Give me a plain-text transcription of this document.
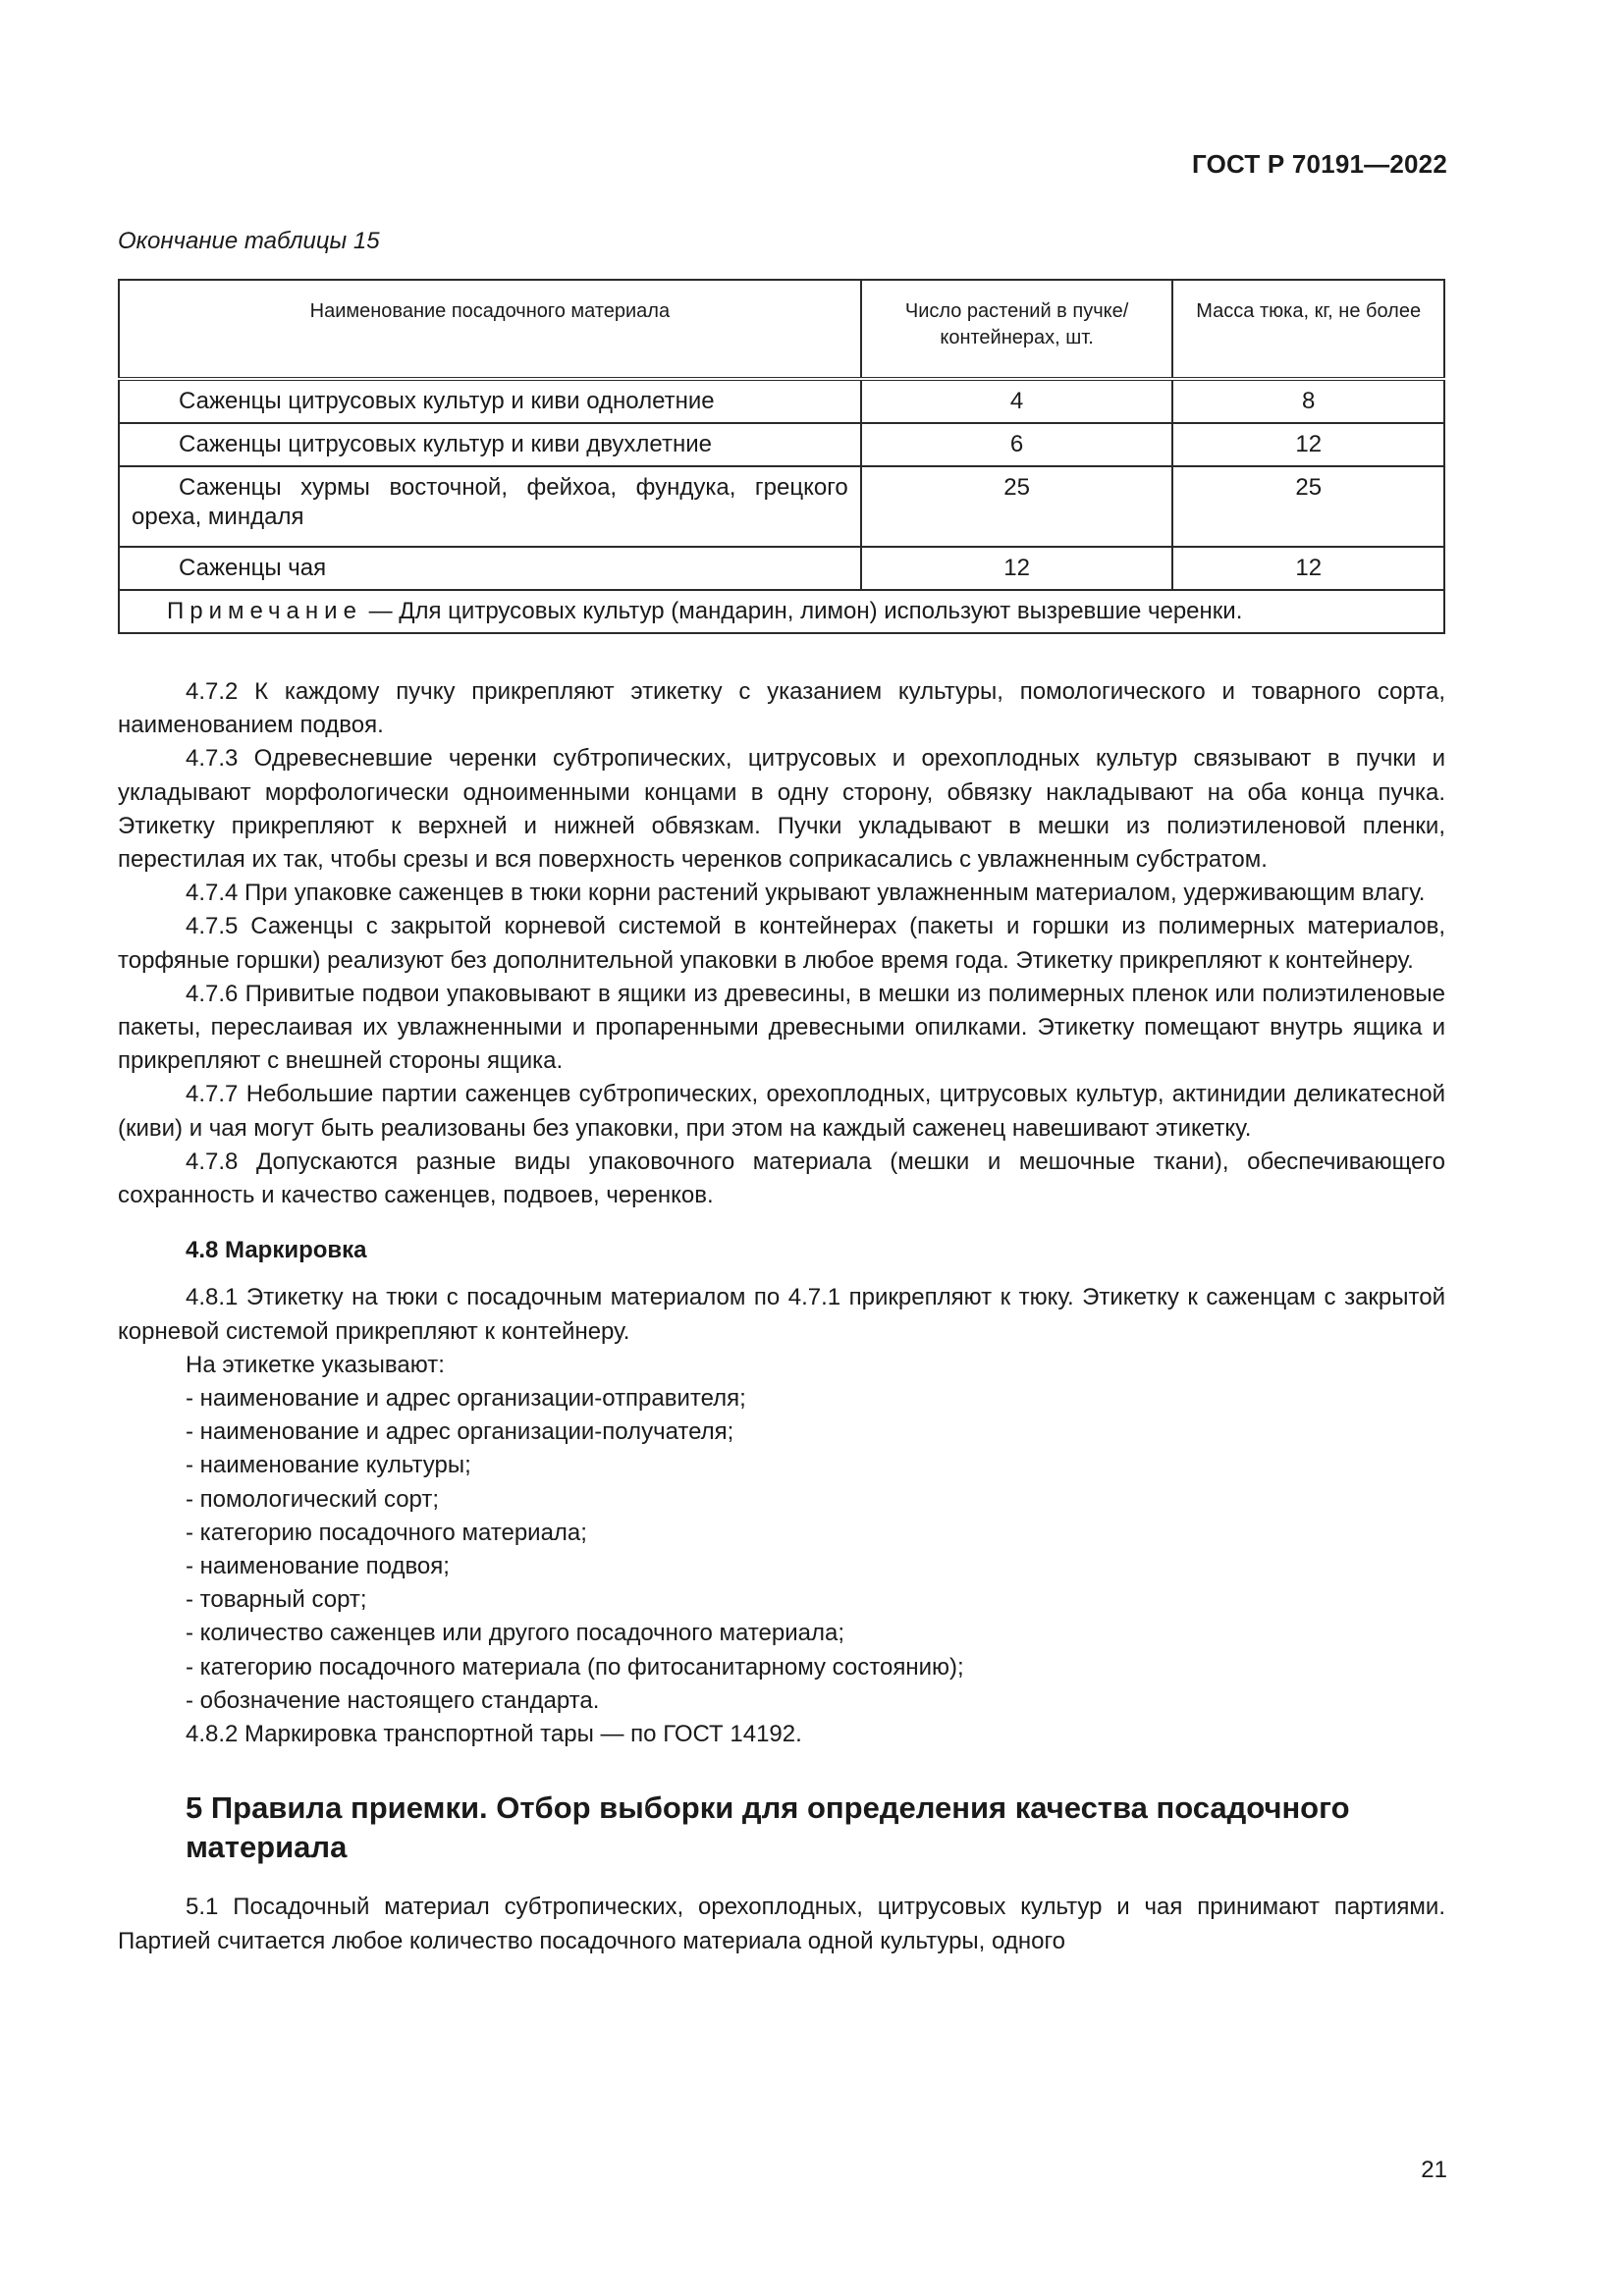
ГОСТ Р 70191—2022
Окончание таблицы 15
Наименование посадочного материала	Число растений в пучке/ контейнерах, шт.	Масса тюка, кг, не более
Саженцы цитрусовых культур и киви однолетние	4	8
Саженцы цитрусовых культур и киви двухлетние	6	12
Саженцы хурмы восточной, фейхоа, фундука, грецкого ореха, миндаля	25	25
Саженцы чая	12	12
Примечание — Для цитрусовых культур (мандарин, лимон) используют вызревшие черенки.		

4.7.2 К каждому пучку прикрепляют этикетку с указанием культуры, помологического и товарного сорта, наименованием подвоя.

4.7.3 Одревесневшие черенки субтропических, цитрусовых и орехоплодных культур связывают в пучки и укладывают морфологически одноименными концами в одну сторону, обвязку накладывают на оба конца пучка. Этикетку прикрепляют к верхней и нижней обвязкам. Пучки укладывают в мешки из полиэтиленовой пленки, перестилая их так, чтобы срезы и вся поверхность черенков соприкасались с увлажненным субстратом.

4.7.4 При упаковке саженцев в тюки корни растений укрывают увлажненным материалом, удерживающим влагу.

4.7.5 Саженцы с закрытой корневой системой в контейнерах (пакеты и горшки из полимерных материалов, торфяные горшки) реализуют без дополнительной упаковки в любое время года. Этикетку прикрепляют к контейнеру.

4.7.6 Привитые подвои упаковывают в ящики из древесины, в мешки из полимерных пленок или полиэтиленовые пакеты, переслаивая их увлажненными и пропаренными древесными опилками. Этикетку помещают внутрь ящика и прикрепляют с внешней стороны ящика.

4.7.7 Небольшие партии саженцев субтропических, орехоплодных, цитрусовых культур, актинидии деликатесной (киви) и чая могут быть реализованы без упаковки, при этом на каждый саженец навешивают этикетку.

4.7.8 Допускаются разные виды упаковочного материала (мешки и мешочные ткани), обеспечивающего сохранность и качество саженцев, подвоев, черенков.

4.8 Маркировка

4.8.1 Этикетку на тюки с посадочным материалом по 4.7.1 прикрепляют к тюку. Этикетку к саженцам с закрытой корневой системой прикрепляют к контейнеру.

На этикетке указывают:

- наименование и адрес организации-отправителя;

- наименование и адрес организации-получателя;

- наименование культуры;

- помологический сорт;

- категорию посадочного материала;

- наименование подвоя;

- товарный сорт;

- количество саженцев или другого посадочного материала;

- категорию посадочного материала (по фитосанитарному состоянию);

- обозначение настоящего стандарта.

4.8.2 Маркировка транспортной тары — по ГОСТ 14192.

5 Правила приемки. Отбор выборки для определения качества посадочного материала

5.1 Посадочный материал субтропических, орехоплодных, цитрусовых культур и чая принимают партиями. Партией считается любое количество посадочного материала одной культуры, одного

21
